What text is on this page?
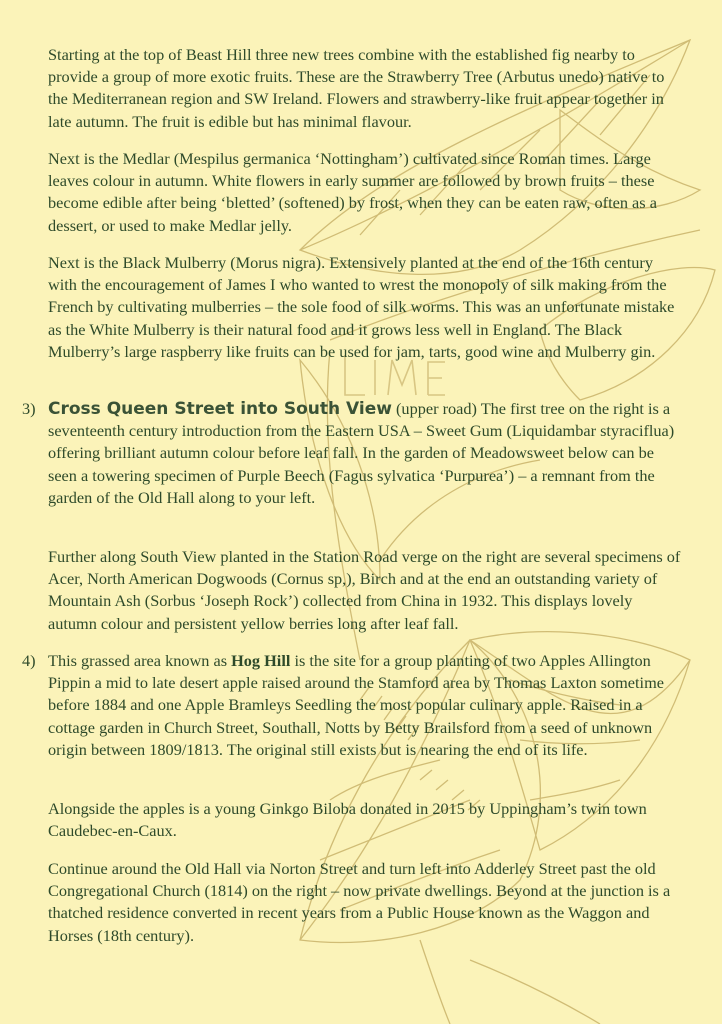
Starting at the top of Beast Hill three new trees combine with the established fig nearby to provide a group of more exotic fruits. These are the Strawberry Tree (Arbutus unedo) native to the Mediterranean region and SW Ireland. Flowers and strawberry-like fruit appear together in late autumn. The fruit is edible but has minimal flavour.

Next is the Medlar (Mespilus germanica ‘Nottingham’) cultivated since Roman times. Large leaves colour in autumn. White flowers in early summer are followed by brown fruits – these become edible after being ‘bletted’ (softened) by frost, when they can be eaten raw, often as a dessert, or used to make Medlar jelly.

Next is the Black Mulberry (Morus nigra). Extensively planted at the end of the 16th century with the encouragement of James I who wanted to wrest the monopoly of silk making from the French by cultivating mulberries – the sole food of silk worms. This was an unfortunate mistake as the White Mulberry is their natural food and it grows less well in England. The Black Mulberry’s large raspberry like fruits can be used for jam, tarts, good wine and Mulberry gin.

3) Cross Queen Street into South View (upper road) The first tree on the right is a seventeenth century introduction from the Eastern USA – Sweet Gum (Liquidambar styraciflua) offering brilliant autumn colour before leaf fall. In the garden of Meadowsweet below can be seen a towering specimen of Purple Beech (Fagus sylvatica ‘Purpurea’) – a remnant from the garden of the Old Hall along to your left.

Further along South View planted in the Station Road verge on the right are several specimens of Acer, North American Dogwoods (Cornus sp,), Birch and at the end an outstanding variety of Mountain Ash (Sorbus ‘Joseph Rock’) collected from China in 1932. This displays lovely autumn colour and persistent yellow berries long after leaf fall.

4) This grassed area known as Hog Hill is the site for a group planting of two Apples Allington Pippin a mid to late desert apple raised around the Stamford area by Thomas Laxton sometime before 1884 and one Apple Bramleys Seedling the most popular culinary apple. Raised in a cottage garden in Church Street, Southall, Notts by Betty Brailsford from a seed of unknown origin between 1809/1813. The original still exists but is nearing the end of its life.

Alongside the apples is a young Ginkgo Biloba donated in 2015 by Uppingham’s twin town Caudebec-en-Caux.

Continue around the Old Hall via Norton Street and turn left into Adderley Street past the old Congregational Church (1814) on the right – now private dwellings. Beyond at the junction is a thatched residence converted in recent years from a Public House known as the Waggon and Horses (18th century).
